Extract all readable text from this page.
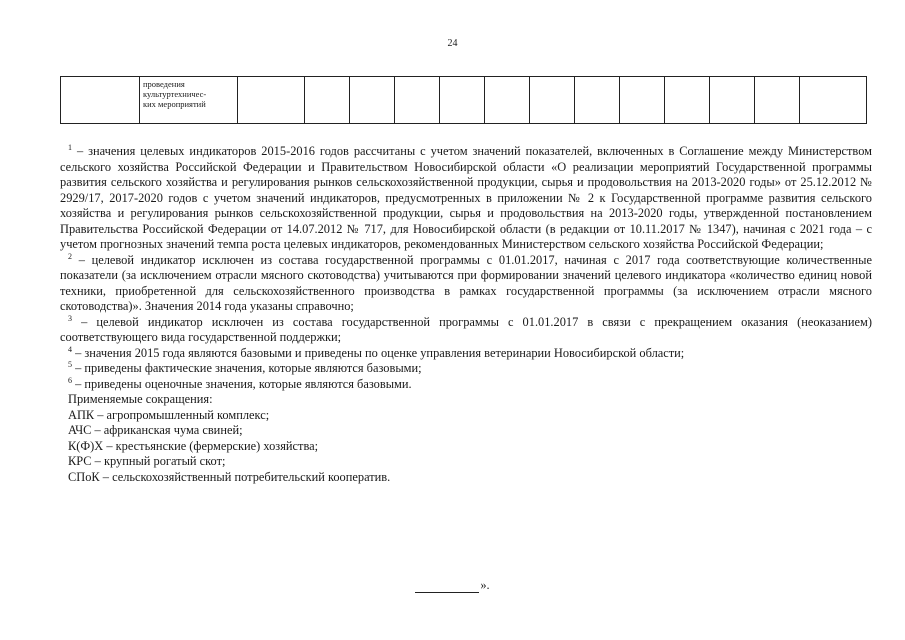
24

проведения
культуртехничес-
ких мероприятий

$^1$ – значения целевых индикаторов 2015-2016 годов рассчитаны с учетом значений показателей, включенных в Соглашение между Министерством сельского хозяйства Российской Федерации и Правительством Новосибирской области «О реализации мероприятий Государственной программы развития сельского хозяйства и регулирования рынков сельскохозяйственной продукции, сырья и продовольствия на 2013-2020 годы» от 25.12.2012 № 2929/17, 2017-2020 годов с учетом значений индикаторов, предусмотренных в приложении № 2 к Государственной программе развития сельского хозяйства и регулирования рынков сельскохозяйственной продукции, сырья и продовольствия на 2013-2020 годы, утвержденной постановлением Правительства Российской Федерации от 14.07.2012 № 717, для Новосибирской области (в редакции от 10.11.2017 № 1347), начиная с 2021 года – с учетом прогнозных значений темпа роста целевых индикаторов, рекомендованных Министерством сельского хозяйства Российской Федерации;

$^2$ – целевой индикатор исключен из состава государственной программы с 01.01.2017, начиная с 2017 года соответствующие количественные показатели (за исключением отрасли мясного скотоводства) учитываются при формировании значений целевого индикатора «количество единиц новой техники, приобретенной для сельскохозяйственного производства в рамках государственной программы (за исключением отрасли мясного скотоводства)». Значения 2014 года указаны справочно;

$^3$ – целевой индикатор исключен из состава государственной программы с 01.01.2017 в связи с прекращением оказания (неоказанием) соответствующего вида государственной поддержки;

$^4$ – значения 2015 года являются базовыми и приведены по оценке управления ветеринарии Новосибирской области;

$^5$ – приведены фактические значения, которые являются базовыми;

$^6$ – приведены оценочные значения, которые являются базовыми.

Применяемые сокращения:

АПК – агропромышленный комплекс;

АЧС – африканская чума свиней;

К(Ф)Х – крестьянские (фермерские) хозяйства;

КРС – крупный рогатый скот;

СПоК – сельскохозяйственный потребительский кооператив.

».
